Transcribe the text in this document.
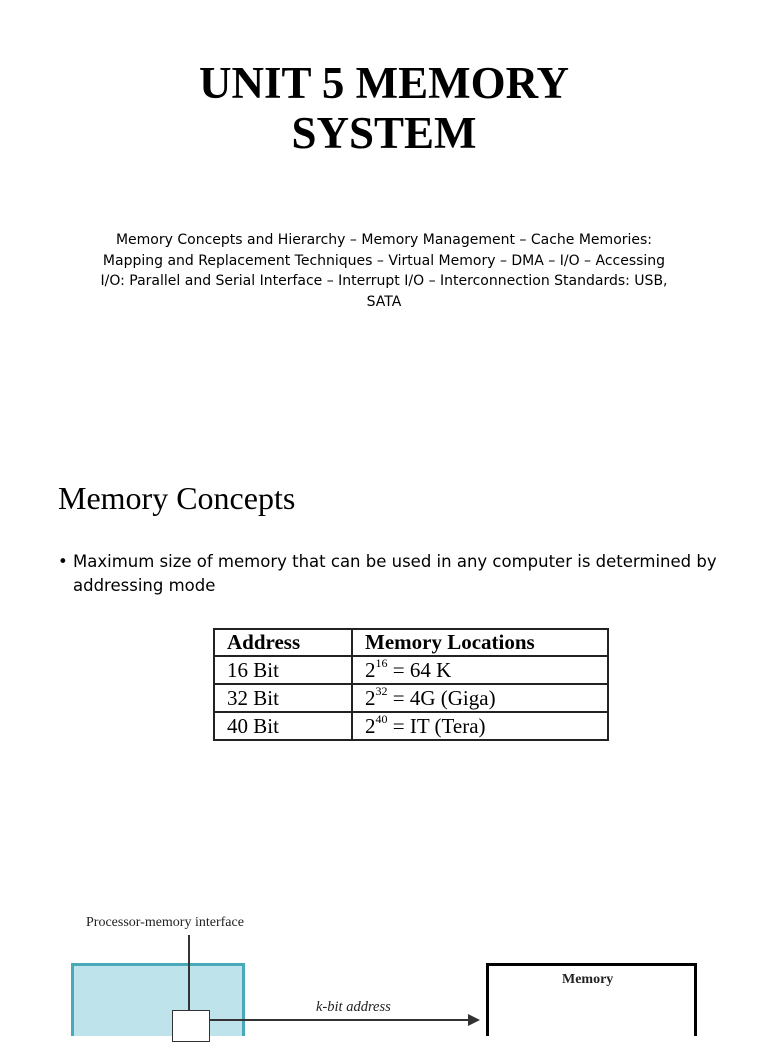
UNIT 5 MEMORY
SYSTEM

Memory Concepts and Hierarchy – Memory Management – Cache Memories: Mapping and Replacement Techniques – Virtual Memory – DMA – I/O – Accessing I/O: Parallel and Serial Interface – Interrupt I/O – Interconnection Standards: USB, SATA

Memory Concepts

• Maximum size of memory that can be used in any computer is determined by addressing mode

Address	Memory Locations
16 Bit	$2^{16} = 64$ K
32 Bit	$2^{32} = 4G$ (Giga)
40 Bit	$2^{40}$ = IT (Tera)

Processor-memory interface

k-bit address

Memory
